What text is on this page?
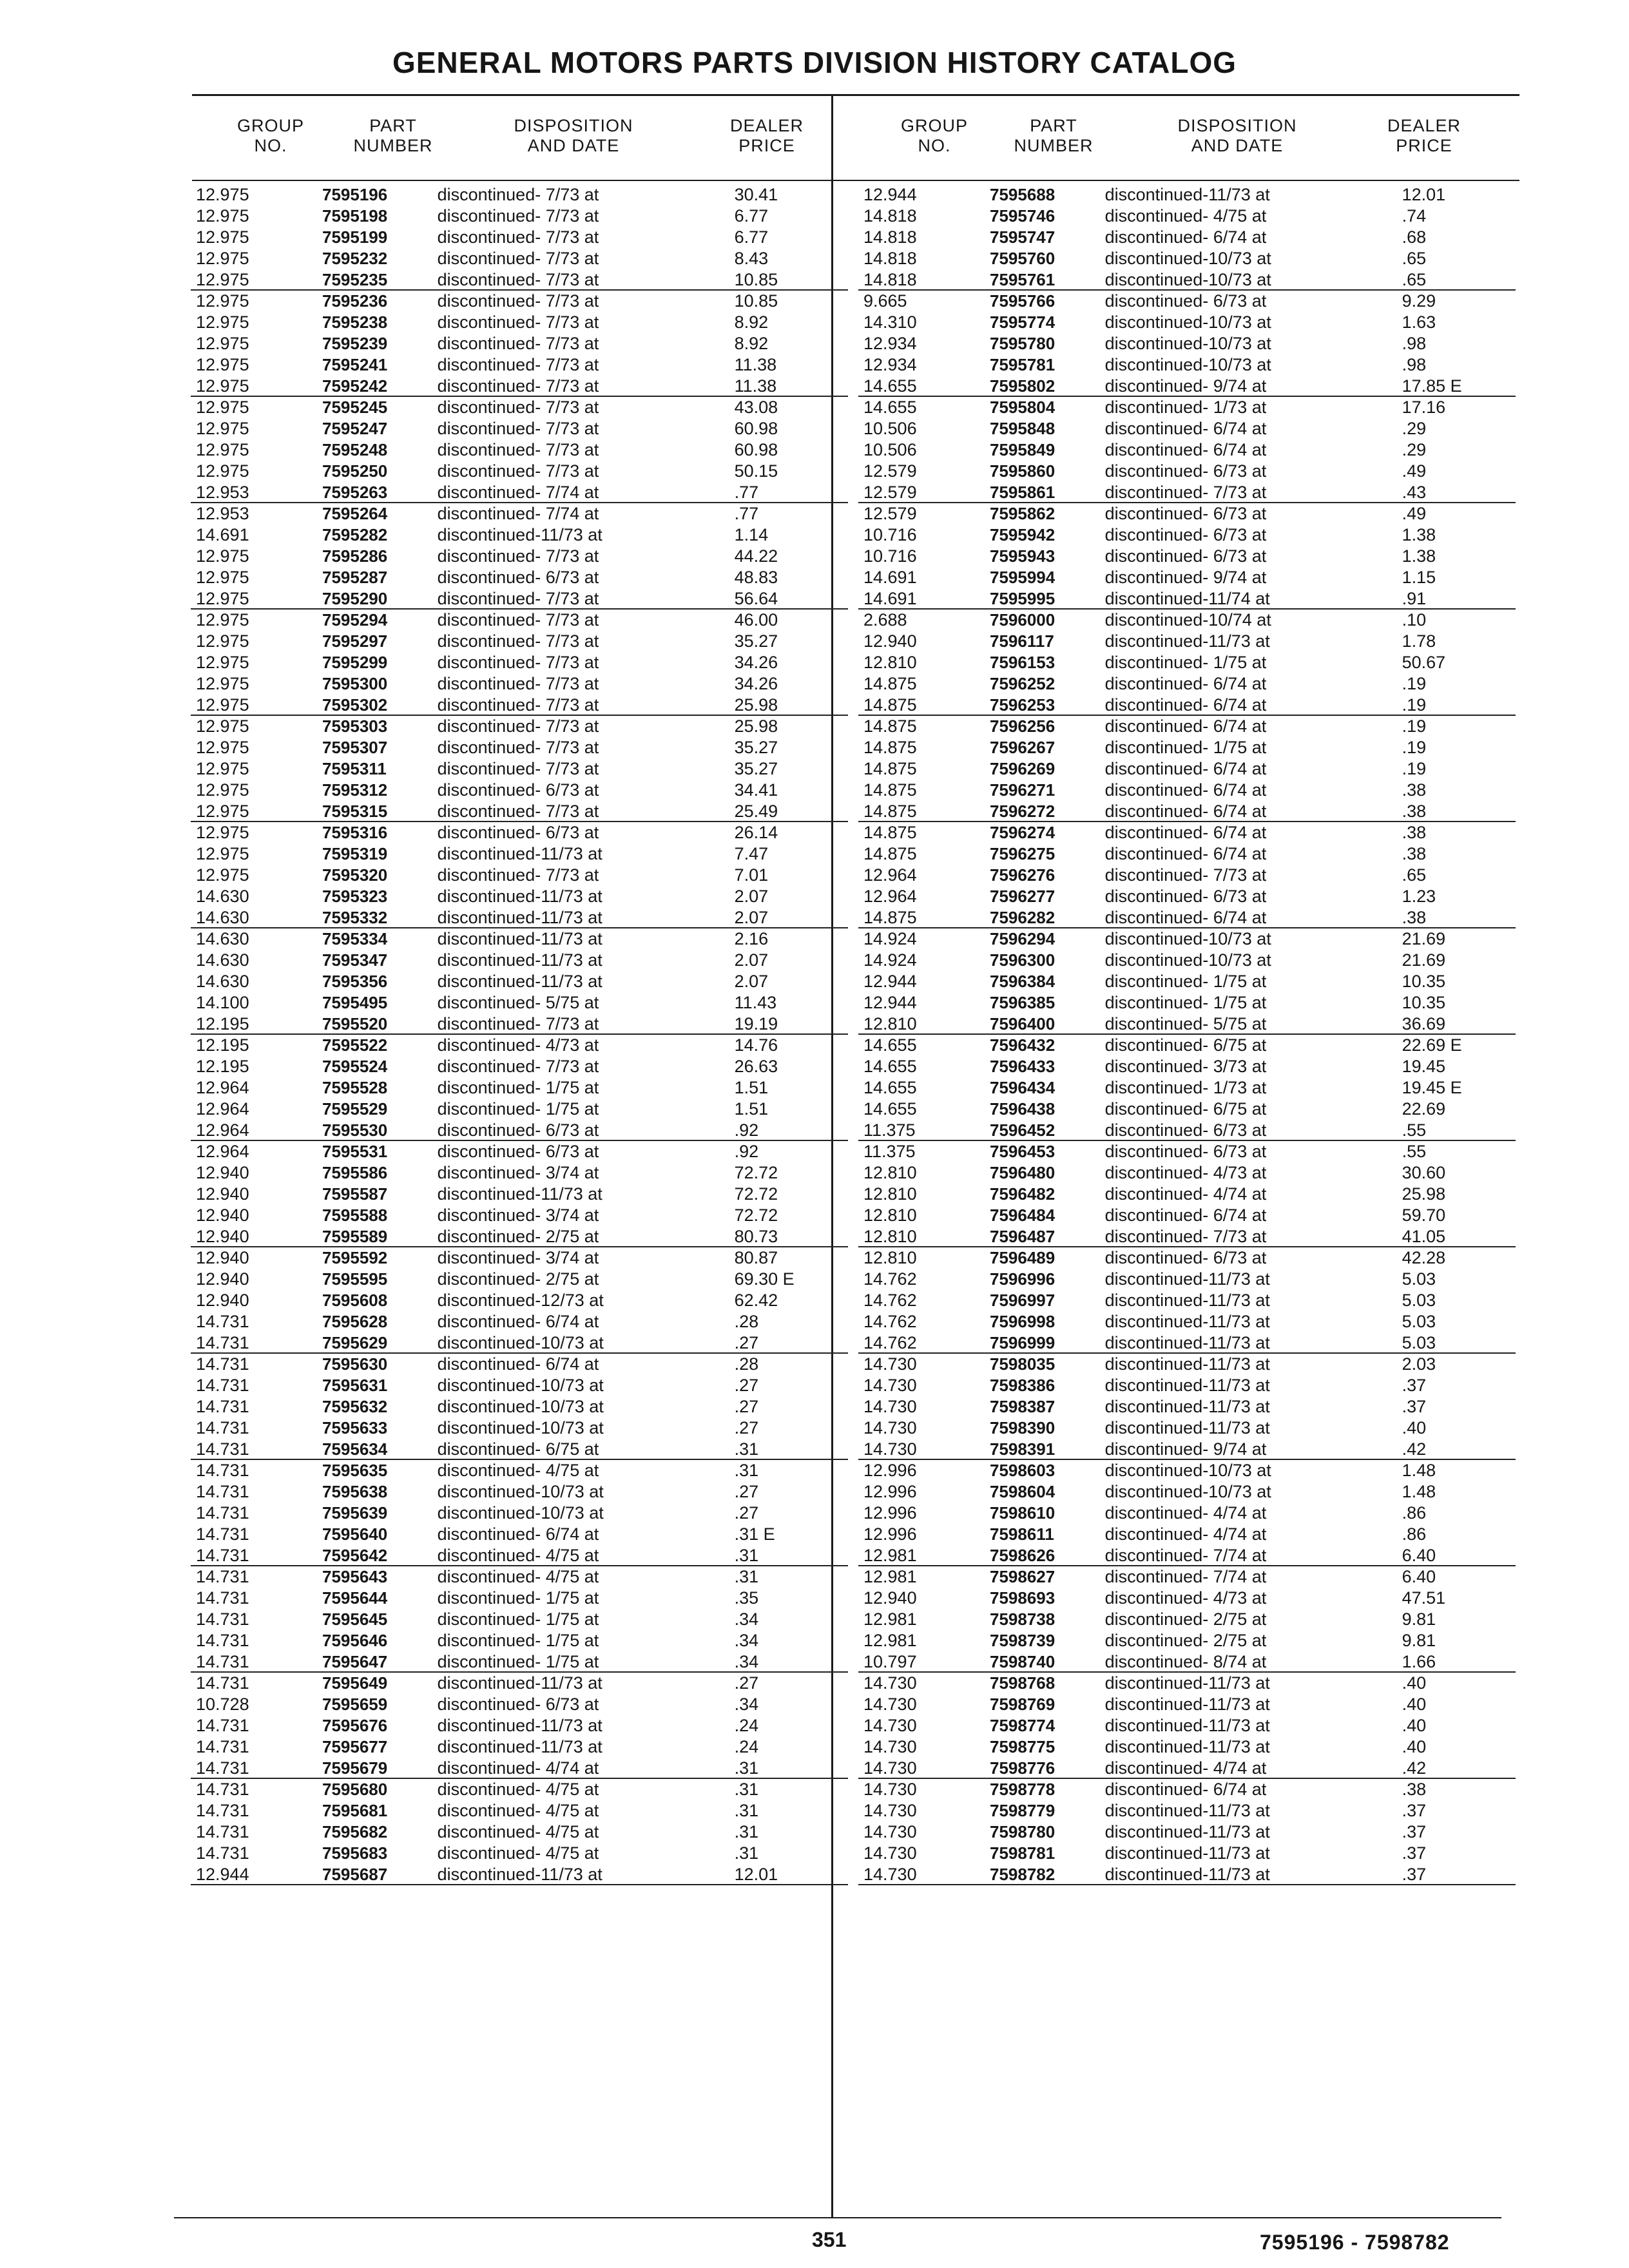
GENERAL MOTORS PARTS DIVISION HISTORY CATALOG
GROUP
NO.
PART
NUMBER
DISPOSITION
AND DATE
DEALER
PRICE
GROUP
NO.
PART
NUMBER
DISPOSITION
AND DATE
DEALER
PRICE
12.975	7595196	discontinued- 7/73 at	30.41
12.975	7595198	discontinued- 7/73 at	6.77
12.975	7595199	discontinued- 7/73 at	6.77
12.975	7595232	discontinued- 7/73 at	8.43
12.975	7595235	discontinued- 7/73 at	10.85
12.975	7595236	discontinued- 7/73 at	10.85
12.975	7595238	discontinued- 7/73 at	8.92
12.975	7595239	discontinued- 7/73 at	8.92
12.975	7595241	discontinued- 7/73 at	11.38
12.975	7595242	discontinued- 7/73 at	11.38
12.975	7595245	discontinued- 7/73 at	43.08
12.975	7595247	discontinued- 7/73 at	60.98
12.975	7595248	discontinued- 7/73 at	60.98
12.975	7595250	discontinued- 7/73 at	50.15
12.953	7595263	discontinued- 7/74 at	.77
12.953	7595264	discontinued- 7/74 at	.77
14.691	7595282	discontinued-11/73 at	1.14
12.975	7595286	discontinued- 7/73 at	44.22
12.975	7595287	discontinued- 6/73 at	48.83
12.975	7595290	discontinued- 7/73 at	56.64
12.975	7595294	discontinued- 7/73 at	46.00
12.975	7595297	discontinued- 7/73 at	35.27
12.975	7595299	discontinued- 7/73 at	34.26
12.975	7595300	discontinued- 7/73 at	34.26
12.975	7595302	discontinued- 7/73 at	25.98
12.975	7595303	discontinued- 7/73 at	25.98
12.975	7595307	discontinued- 7/73 at	35.27
12.975	7595311	discontinued- 7/73 at	35.27
12.975	7595312	discontinued- 6/73 at	34.41
12.975	7595315	discontinued- 7/73 at	25.49
12.975	7595316	discontinued- 6/73 at	26.14
12.975	7595319	discontinued-11/73 at	7.47
12.975	7595320	discontinued- 7/73 at	7.01
14.630	7595323	discontinued-11/73 at	2.07
14.630	7595332	discontinued-11/73 at	2.07
14.630	7595334	discontinued-11/73 at	2.16
14.630	7595347	discontinued-11/73 at	2.07
14.630	7595356	discontinued-11/73 at	2.07
14.100	7595495	discontinued- 5/75 at	11.43
12.195	7595520	discontinued- 7/73 at	19.19
12.195	7595522	discontinued- 4/73 at	14.76
12.195	7595524	discontinued- 7/73 at	26.63
12.964	7595528	discontinued- 1/75 at	1.51
12.964	7595529	discontinued- 1/75 at	1.51
12.964	7595530	discontinued- 6/73 at	.92
12.964	7595531	discontinued- 6/73 at	.92
12.940	7595586	discontinued- 3/74 at	72.72
12.940	7595587	discontinued-11/73 at	72.72
12.940	7595588	discontinued- 3/74 at	72.72
12.940	7595589	discontinued- 2/75 at	80.73
12.940	7595592	discontinued- 3/74 at	80.87
12.940	7595595	discontinued- 2/75 at	69.30 E
12.940	7595608	discontinued-12/73 at	62.42
14.731	7595628	discontinued- 6/74 at	.28
14.731	7595629	discontinued-10/73 at	.27
14.731	7595630	discontinued- 6/74 at	.28
14.731	7595631	discontinued-10/73 at	.27
14.731	7595632	discontinued-10/73 at	.27
14.731	7595633	discontinued-10/73 at	.27
14.731	7595634	discontinued- 6/75 at	.31
14.731	7595635	discontinued- 4/75 at	.31
14.731	7595638	discontinued-10/73 at	.27
14.731	7595639	discontinued-10/73 at	.27
14.731	7595640	discontinued- 6/74 at	.31 E
14.731	7595642	discontinued- 4/75 at	.31
14.731	7595643	discontinued- 4/75 at	.31
14.731	7595644	discontinued- 1/75 at	.35
14.731	7595645	discontinued- 1/75 at	.34
14.731	7595646	discontinued- 1/75 at	.34
14.731	7595647	discontinued- 1/75 at	.34
14.731	7595649	discontinued-11/73 at	.27
10.728	7595659	discontinued- 6/73 at	.34
14.731	7595676	discontinued-11/73 at	.24
14.731	7595677	discontinued-11/73 at	.24
14.731	7595679	discontinued- 4/74 at	.31
14.731	7595680	discontinued- 4/75 at	.31
14.731	7595681	discontinued- 4/75 at	.31
14.731	7595682	discontinued- 4/75 at	.31
14.731	7595683	discontinued- 4/75 at	.31
12.944	7595687	discontinued-11/73 at	12.01
12.944	7595688	discontinued-11/73 at	12.01
14.818	7595746	discontinued- 4/75 at	.74
14.818	7595747	discontinued- 6/74 at	.68
14.818	7595760	discontinued-10/73 at	.65
14.818	7595761	discontinued-10/73 at	.65
9.665	7595766	discontinued- 6/73 at	9.29
14.310	7595774	discontinued-10/73 at	1.63
12.934	7595780	discontinued-10/73 at	.98
12.934	7595781	discontinued-10/73 at	.98
14.655	7595802	discontinued- 9/74 at	17.85 E
14.655	7595804	discontinued- 1/73 at	17.16
10.506	7595848	discontinued- 6/74 at	.29
10.506	7595849	discontinued- 6/74 at	.29
12.579	7595860	discontinued- 6/73 at	.49
12.579	7595861	discontinued- 7/73 at	.43
12.579	7595862	discontinued- 6/73 at	.49
10.716	7595942	discontinued- 6/73 at	1.38
10.716	7595943	discontinued- 6/73 at	1.38
14.691	7595994	discontinued- 9/74 at	1.15
14.691	7595995	discontinued-11/74 at	.91
2.688	7596000	discontinued-10/74 at	.10
12.940	7596117	discontinued-11/73 at	1.78
12.810	7596153	discontinued- 1/75 at	50.67
14.875	7596252	discontinued- 6/74 at	.19
14.875	7596253	discontinued- 6/74 at	.19
14.875	7596256	discontinued- 6/74 at	.19
14.875	7596267	discontinued- 1/75 at	.19
14.875	7596269	discontinued- 6/74 at	.19
14.875	7596271	discontinued- 6/74 at	.38
14.875	7596272	discontinued- 6/74 at	.38
14.875	7596274	discontinued- 6/74 at	.38
14.875	7596275	discontinued- 6/74 at	.38
12.964	7596276	discontinued- 7/73 at	.65
12.964	7596277	discontinued- 6/73 at	1.23
14.875	7596282	discontinued- 6/74 at	.38
14.924	7596294	discontinued-10/73 at	21.69
14.924	7596300	discontinued-10/73 at	21.69
12.944	7596384	discontinued- 1/75 at	10.35
12.944	7596385	discontinued- 1/75 at	10.35
12.810	7596400	discontinued- 5/75 at	36.69
14.655	7596432	discontinued- 6/75 at	22.69 E
14.655	7596433	discontinued- 3/73 at	19.45
14.655	7596434	discontinued- 1/73 at	19.45 E
14.655	7596438	discontinued- 6/75 at	22.69
11.375	7596452	discontinued- 6/73 at	.55
11.375	7596453	discontinued- 6/73 at	.55
12.810	7596480	discontinued- 4/73 at	30.60
12.810	7596482	discontinued- 4/74 at	25.98
12.810	7596484	discontinued- 6/74 at	59.70
12.810	7596487	discontinued- 7/73 at	41.05
12.810	7596489	discontinued- 6/73 at	42.28
14.762	7596996	discontinued-11/73 at	5.03
14.762	7596997	discontinued-11/73 at	5.03
14.762	7596998	discontinued-11/73 at	5.03
14.762	7596999	discontinued-11/73 at	5.03
14.730	7598035	discontinued-11/73 at	2.03
14.730	7598386	discontinued-11/73 at	.37
14.730	7598387	discontinued-11/73 at	.37
14.730	7598390	discontinued-11/73 at	.40
14.730	7598391	discontinued- 9/74 at	.42
12.996	7598603	discontinued-10/73 at	1.48
12.996	7598604	discontinued-10/73 at	1.48
12.996	7598610	discontinued- 4/74 at	.86
12.996	7598611	discontinued- 4/74 at	.86
12.981	7598626	discontinued- 7/74 at	6.40
12.981	7598627	discontinued- 7/74 at	6.40
12.940	7598693	discontinued- 4/73 at	47.51
12.981	7598738	discontinued- 2/75 at	9.81
12.981	7598739	discontinued- 2/75 at	9.81
10.797	7598740	discontinued- 8/74 at	1.66
14.730	7598768	discontinued-11/73 at	.40
14.730	7598769	discontinued-11/73 at	.40
14.730	7598774	discontinued-11/73 at	.40
14.730	7598775	discontinued-11/73 at	.40
14.730	7598776	discontinued- 4/74 at	.42
14.730	7598778	discontinued- 6/74 at	.38
14.730	7598779	discontinued-11/73 at	.37
14.730	7598780	discontinued-11/73 at	.37
14.730	7598781	discontinued-11/73 at	.37
14.730	7598782	discontinued-11/73 at	.37
351	7595196 - 7598782
